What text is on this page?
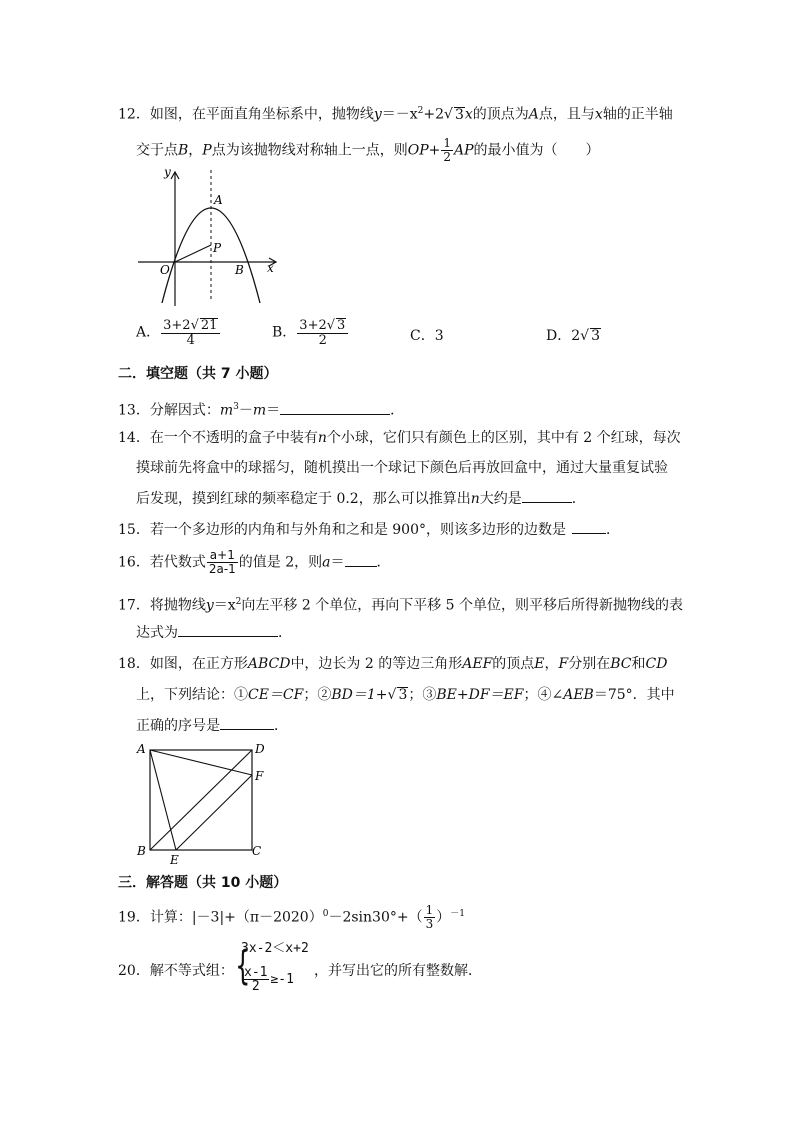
12．如图，在平面直角坐标系中，抛物线$y=-x^2+2√$ 3x的顶点为A点，且与x轴的正半轴
交于点B，P点为该抛物线对称轴上一点，则$OP+ \frac{1}{2}$ AP的最小值为（　　）
y
x
O
A
B
P
A． $\frac{3+2√ 21}{4}$	B． $\frac{3+2√ 3}{2}$	C．3	D．2√ 3
二．填空题（共 7 小题）
13．分解因式：$m^3-m=$	．
14．在一个不透明的盒子中装有n个小球，它们只有颜色上的区别，其中有 2 个红球，每次
摸球前先将盒中的球摇匀，随机摸出一个球记下颜色后再放回盒中，通过大量重复试验
后发现，摸到红球的频率稳定于 0.2，那么可以推算出n大约是	．
15．若一个多边形的内角和与外角和之和是 900°，则该多边形的边数是	．
16．若代数式 $\frac{a+1}{2a-1}$ 的值是 2，则a＝ ．
17．将抛物线$y=x^2$向左平移 2 个单位，再向下平移 5 个单位，则平移后所得新抛物线的表
达式为	．
18．如图，在正方形ABCD中，边长为 2 的等边三角形AEF的顶点E，F分别在BC和CD
上，下列结论：①CE＝CF；②BD＝1+√ 3；③BE+DF＝EF；④∠AEB＝75°．其中
正确的序号是	．
A	D
F
B
E
C
三．解答题（共 10 小题）
19．计算：$|-3|+(\pi-2020)^0-2\sin 30^\circ+( \frac{1}{3} )^{-1}$
20．解不等式组： {
3x-2＜x+2
$\frac{x-1}{2} \ge-1$
，并写出它的所有整数解．
